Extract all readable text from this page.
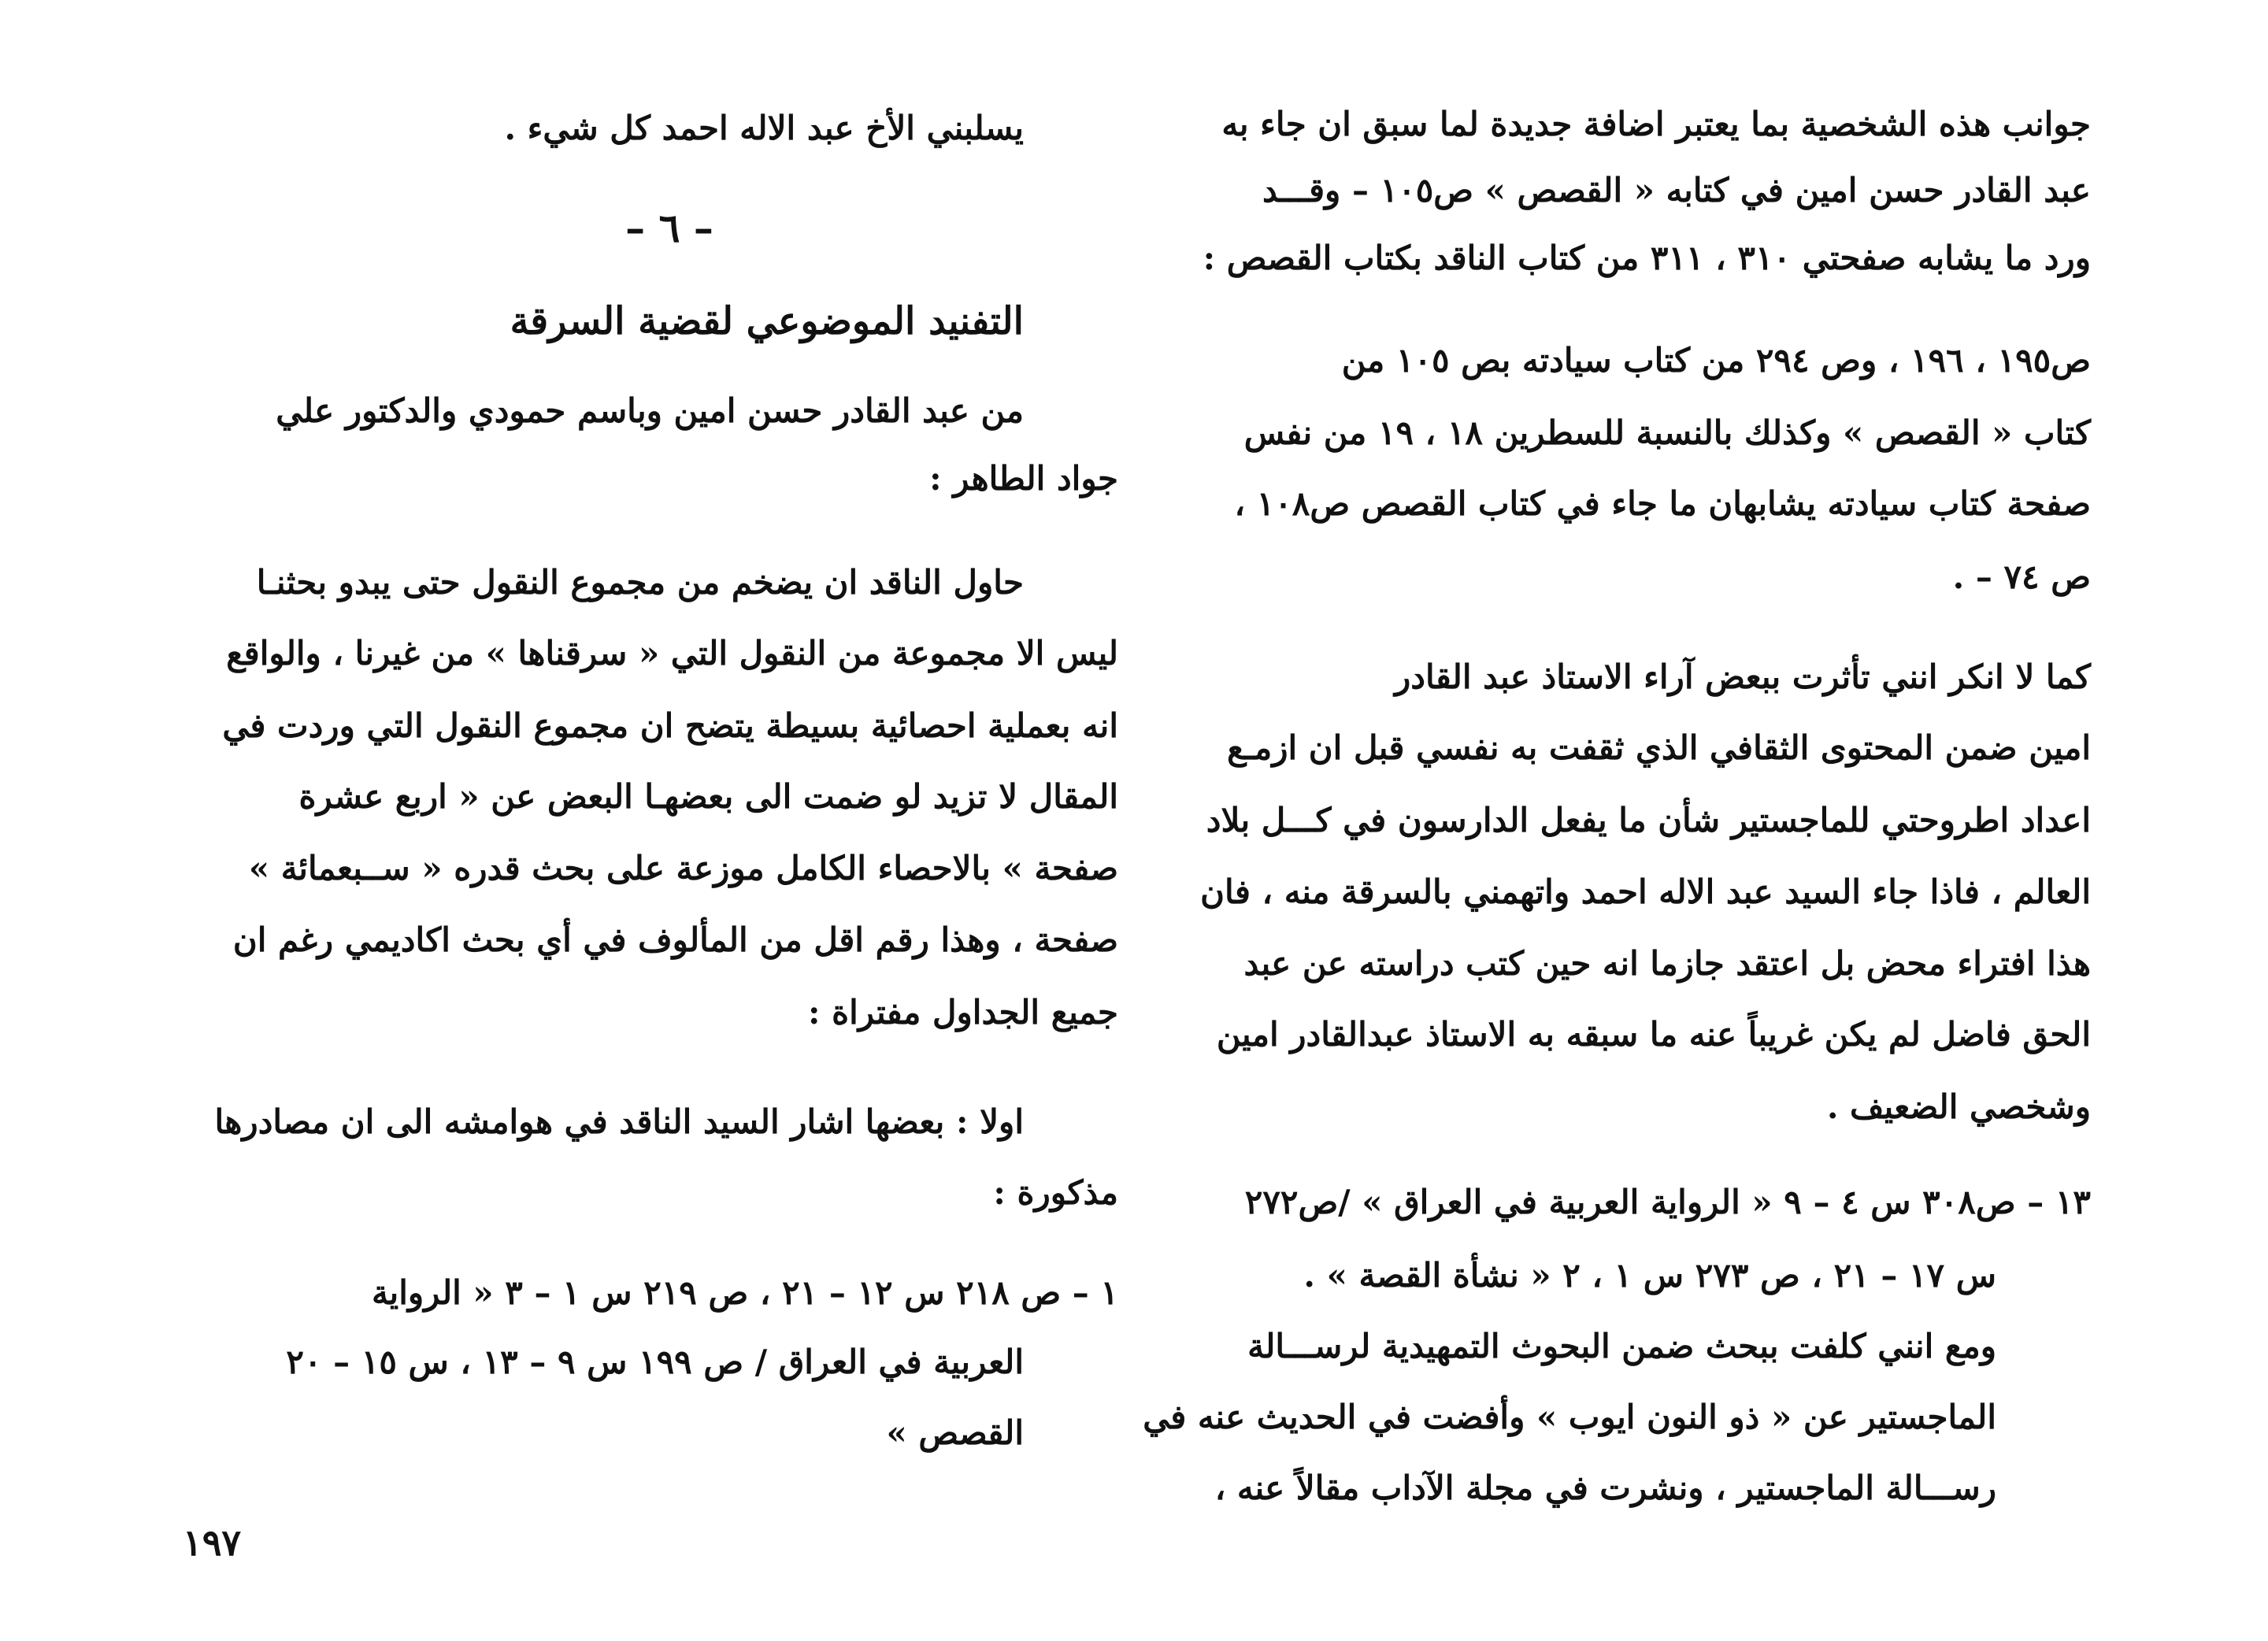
جوانب هذه الشخصية بما يعتبر اضافة جديدة لما سبق ان جاء به
عبد القادر حسن امين في كتابه « القصص » ص١٠٥ – وقـــد
ورد ما يشابه صفحتي ٣١٠ ، ٣١١ من كتاب الناقد بكتاب القصص :
ص١٩٥ ، ١٩٦ ، وص ٢٩٤ من كتاب سيادته بص ١٠٥ من
كتاب « القصص » وكذلك بالنسبة للسطرين ١٨ ، ١٩ من نفس
صفحة كتاب سيادته يشابهان ما جاء في كتاب القصص ص١٠٨ ،
ص ٧٤ – .
كما لا انكر انني تأثرت ببعض آراء الاستاذ عبد القادر
امين ضمن المحتوى الثقافي الذي ثقفت به نفسي قبل ان ازمـع
اعداد اطروحتي للماجستير شأن ما يفعل الدارسون في كـــل بلاد
العالم ، فاذا جاء السيد عبد الاله احمد واتهمني بالسرقة منه ، فان
هذا افتراء محض بل اعتقد جازما انه حين كتب دراسته عن عبد
الحق فاضل لم يكن غريباً عنه ما سبقه به الاستاذ عبدالقادر امين
وشخصي الضعيف .
١٣ – ص٣٠٨ س ٤ – ٩ « الرواية العربية في العراق » /ص٢٧٢
س ١٧ – ٢١ ، ص ٢٧٣ س ١ ، ٢ « نشأة القصة » .
ومع انني كلفت ببحث ضمن البحوث التمهيدية لرســـالة
الماجستير عن « ذو النون ايوب » وأفضت في الحديث عنه في
رســـالة الماجستير ، ونشرت في مجلة الآداب مقالاً عنه ،
يسلبني الأخ عبد الاله احمد كل شيء .
– ٦ –
التفنيد الموضوعي لقضية السرقة
من عبد القادر حسن امين وباسم حمودي والدكتور علي
جواد الطاهر :
حاول الناقد ان يضخم من مجموع النقول حتى يبدو بحثنـا
ليس الا مجموعة من النقول التي « سرقناها » من غيرنا ، والواقع
انه بعملية احصائية بسيطة يتضح ان مجموع النقول التي وردت في
المقال لا تزيد لو ضمت الى بعضهـا البعض عن « اربع عشرة
صفحة » بالاحصاء الكامل موزعة على بحث قدره « ســبعمائة »
صفحة ، وهذا رقم اقل من المألوف في أي بحث اكاديمي رغم ان
جميع الجداول مفتراة :
اولا : بعضها اشار السيد الناقد في هوامشه الى ان مصادرها
مذكورة :
١ – ص ٢١٨ س ١٢ – ٢١ ، ص ٢١٩ س ١ – ٣ « الرواية
العربية في العراق / ص ١٩٩ س ٩ – ١٣ ، س ١٥ – ٢٠
القصص »
١٩٧
